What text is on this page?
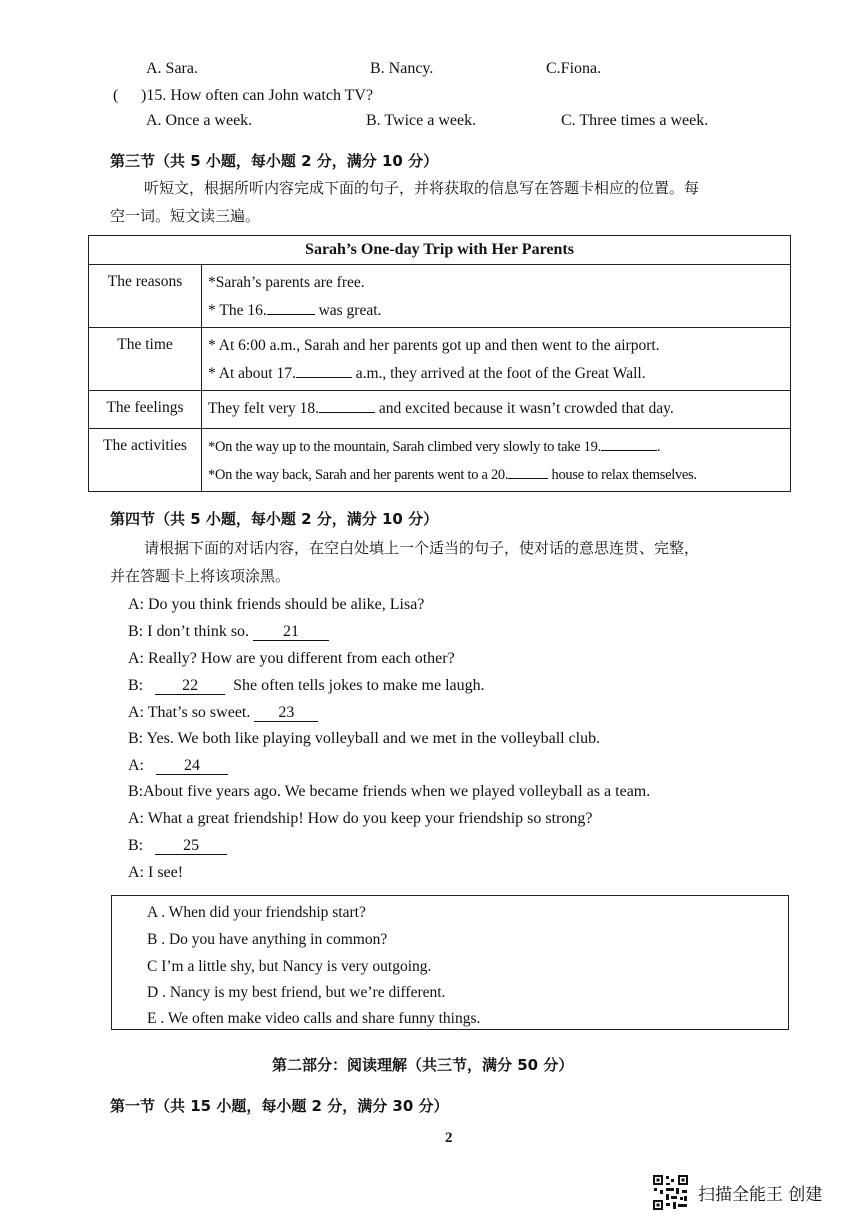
A. Sara.	B. Nancy.	C.Fiona.
( )15. How often can John watch TV?
A. Once a week.	B. Twice a week.	C. Three times a week.
第三节（共 5 小题，每小题 2 分，满分 10 分）
听短文，根据所听内容完成下面的句子，并将获取的信息写在答题卡相应的位置。每
空一词。短文读三遍。
Sarah’s One-day Trip with Her Parents	
The reasons	*Sarah’s parents are free.
* The 16. was great.

The time	* At 6:00 a.m., Sarah and her parents got up and then went to the airport.
* At about 17. a.m., they arrived at the foot of the Great Wall.

The feelings	They felt very 18. and excited because it wasn’t crowded that day.

The activities	*On the way up to the mountain, Sarah climbed very slowly to take 19. .
*On the way back, Sarah and her parents went to a 20. house to relax themselves.
第四节（共 5 小题，每小题 2 分，满分 10 分）
请根据下面的对话内容，在空白处填上一个适当的句子，使对话的意思连贯、完整，
并在答题卡上将该项涂黑。
A: Do you think friends should be alike, Lisa?
B: I don’t think so. 21
A: Really? How are you different from each other?
B: 22 She often tells jokes to make me laugh.
A: That’s so sweet. 23
B: Yes. We both like playing volleyball and we met in the volleyball club.
A:	24
B:About five years ago. We became friends when we played volleyball as a team.
A: What a great friendship! How do you keep your friendship so strong?
B:	25
A: I see!
A . When did your friendship start?
B . Do you have anything in common?
C I’m a little shy, but Nancy is very outgoing.
D . Nancy is my best friend, but we’re different.
E . We often make video calls and share funny things.
第二部分：阅读理解（共三节，满分 50 分）
第一节（共 15 小题，每小题 2 分，满分 30 分）
2
扫描全能王 创建
